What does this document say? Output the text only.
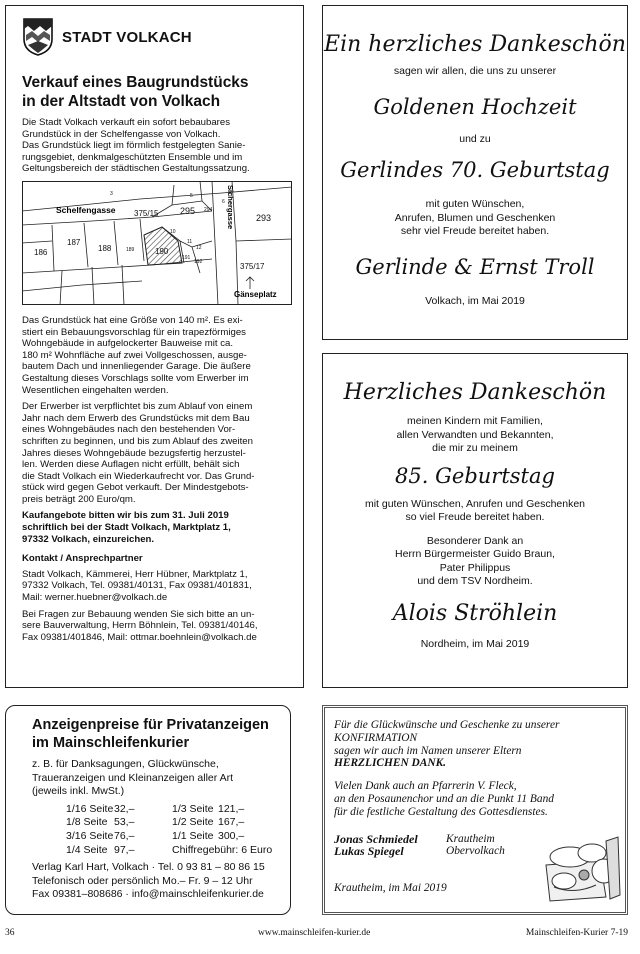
STADT VOLKACH
Verkauf eines Baugrundstücks
in der Altstadt von Volkach

Die Stadt Volkach verkauft ein sofort bebaubares
Grundstück in der Schelfengasse von Volkach.
Das Grundstück liegt im förmlich festgelegten Sanie-
rungsgebiet, denkmalgeschützten Ensemble und im
Geltungsbereich der städtischen Gestaltungssatzung.

375/15 295 294
293
187
186	188	189	190
191
192	375/17
3	5
6
10
11
12
Schelfengasse	Sichergasse
Gänseplatz

Das Grundstück hat eine Größe von 140 m². Es exi-
stiert ein Bebauungsvorschlag für ein trapezförmiges
Wohngebäude in aufgelockerter Bauweise mit ca.
180 m² Wohnfläche auf zwei Vollgeschossen, ausge-
bautem Dach und innenliegender Garage. Die äußere
Gestaltung dieses Vorschlags sollte vom Erwerber im
Wesentlichen eingehalten werden.

Der Erwerber ist verpflichtet bis zum Ablauf von einem
Jahr nach dem Erwerb des Grundstücks mit dem Bau
eines Wohngebäudes nach den bestehenden Vor-
schriften zu beginnen, und bis zum Ablauf des zweiten
Jahres dieses Wohngebäude bezugsfertig herzustel-
len. Werden diese Auflagen nicht erfüllt, behält sich
die Stadt Volkach ein Wiederkaufrecht vor. Das Grund-
stück wird gegen Gebot verkauft. Der Mindestgebots-
preis beträgt 200 Euro/qm.

Kaufangebote bitten wir bis zum 31. Juli 2019
schriftlich bei der Stadt Volkach, Marktplatz 1,
97332 Volkach, einzureichen.

Kontakt / Ansprechpartner

Stadt Volkach, Kämmerei, Herr Hübner, Marktplatz 1,
97332 Volkach, Tel. 09381/40131, Fax 09381/401831,
Mail: werner.huebner@volkach.de

Bei Fragen zur Bebauung wenden Sie sich bitte an un-
sere Bauverwaltung, Herrn Böhnlein, Tel. 09381/40146,
Fax 09381/401846, Mail: ottmar.boehnlein@volkach.de

Ein herzliches Dankeschön
sagen wir allen, die uns zu unserer
Goldenen Hochzeit
und zu
Gerlindes 70. Geburtstag
mit guten Wünschen,
Anrufen, Blumen und Geschenken
sehr viel Freude bereitet haben.
Gerlinde & Ernst Troll
Volkach, im Mai 2019
Herzliches Dankeschön
meinen Kindern mit Familien,
allen Verwandten und Bekannten,
die mir zu meinem
85. Geburtstag
mit guten Wünschen, Anrufen und Geschenken
so viel Freude bereitet haben.
Besonderer Dank an
Herrn Bürgermeister Guido Braun,
Pater Philippus
und dem TSV Nordheim.
Alois Ströhlein
Nordheim, im Mai 2019
Anzeigenpreise für Privatanzeigen
im Mainschleifenkurier
z. B. für Danksagungen, Glückwünsche,
Traueranzeigen und Kleinanzeigen aller Art
(jeweils inkl. MwSt.)
1/16 Seite	32,–	1/3 Seite	121,–
1/8 Seite	53,–	1/2 Seite	167,–
3/16 Seite	76,–	1/1 Seite	300,–
1/4 Seite	97,–	Chiffregebühr: 6 Euro	
Verlag Karl Hart, Volkach · Tel. 0 93 81 – 80 86 15
Telefonisch oder persönlich Mo.– Fr. 9 – 12 Uhr
Fax 09381–808686 · info@mainschleifenkurier.de
Für die Glückwünsche und Geschenke zu unserer
KONFIRMATION
sagen wir auch im Namen unserer Eltern
HERZLICHEN DANK.
Vielen Dank auch an Pfarrerin V. Fleck,
an den Posaunenchor und an die Punkt 11 Band
für die festliche Gestaltung des Gottesdienstes.
Jonas Schmiedel	Krautheim
Lukas Spiegel	Obervolkach
Krautheim, im Mai 2019
36	www.mainschleifen-kurier.de	Mainschleifen-Kurier 7-19
